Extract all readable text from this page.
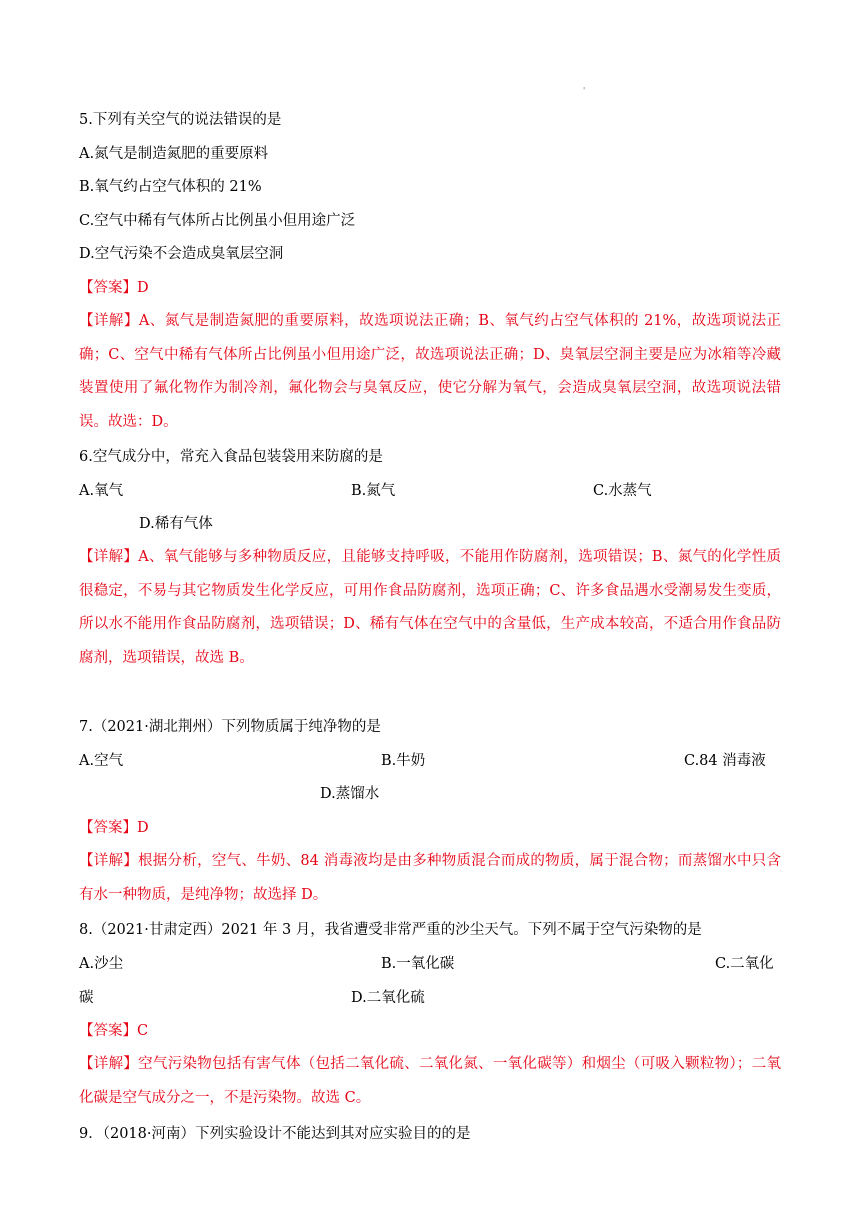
'
5.下列有关空气的说法错误的是
A.氮气是制造氮肥的重要原料
B.氧气约占空气体积的 21%
C.空气中稀有气体所占比例虽小但用途广泛
D.空气污染不会造成臭氧层空洞
【答案】D
【详解】A、氮气是制造氮肥的重要原料，故选项说法正确；B、氧气约占空气体积的 21%，故选项说法正确；C、空气中稀有气体所占比例虽小但用途广泛，故选项说法正确；D、臭氧层空洞主要是应为冰箱等冷藏装置使用了氟化物作为制冷剂，氟化物会与臭氧反应，使它分解为氧气，会造成臭氧层空洞，故选项说法错误。故选：D。
6.空气成分中，常充入食品包装袋用来防腐的是
A.氧气	B.氮气	C.水蒸气
D.稀有气体
【详解】A、氧气能够与多种物质反应，且能够支持呼吸，不能用作防腐剂，选项错误；B、氮气的化学性质很稳定，不易与其它物质发生化学反应，可用作食品防腐剂，选项正确；C、许多食品遇水受潮易发生变质，所以水不能用作食品防腐剂，选项错误；D、稀有气体在空气中的含量低，生产成本较高，不适合用作食品防腐剂，选项错误，故选 B。
7.（2021·湖北荆州）下列物质属于纯净物的是
A.空气	B.牛奶	C.84 消毒液
D.蒸馏水
【答案】D
【详解】根据分析，空气、牛奶、84 消毒液均是由多种物质混合而成的物质，属于混合物；而蒸馏水中只含有水一种物质，是纯净物；故选择 D。
8.（2021·甘肃定西）2021 年 3 月，我省遭受非常严重的沙尘天气。下列不属于空气污染物的是
A.沙尘	B.一氧化碳	C.二氧化
碳	D.二氧化硫
【答案】C
【详解】空气污染物包括有害气体（包括二氧化硫、二氧化氮、一氧化碳等）和烟尘（可吸入颗粒物）；二氧化碳是空气成分之一，不是污染物。故选 C。
9．（2018·河南）下列实验设计不能达到其对应实验目的的是
